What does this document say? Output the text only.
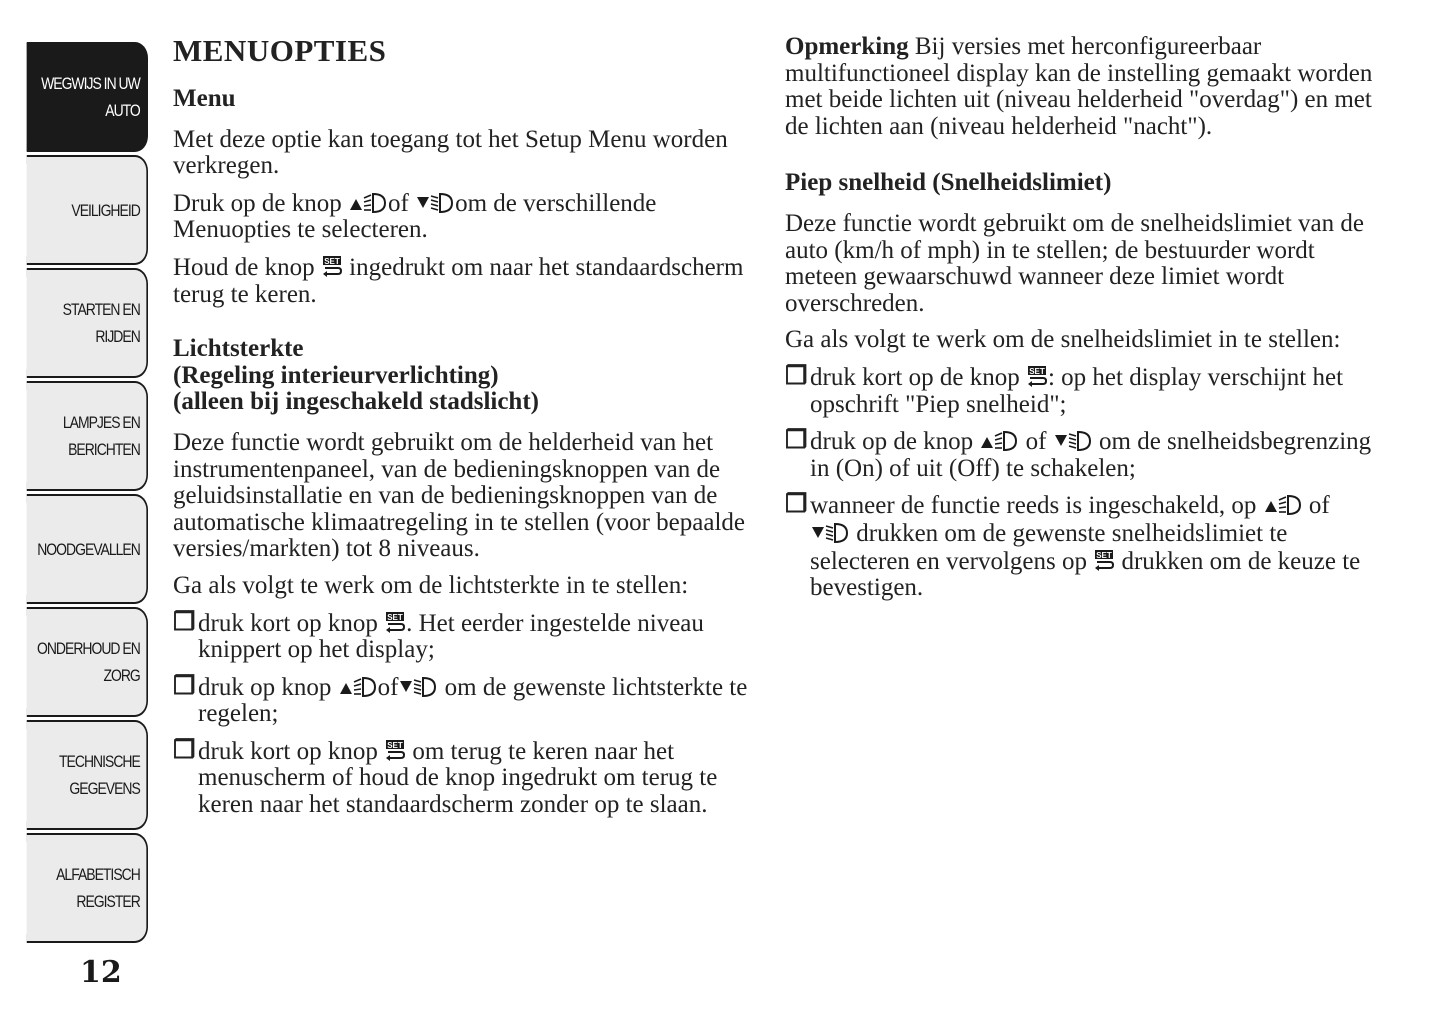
WEGWIJS IN UW
AUTO
VEILIGHEID
STARTEN EN
RIJDEN
LAMPJES EN
BERICHTEN
NOODGEVALLEN
ONDERHOUD EN
ZORG
TECHNISCHE
GEGEVENS
ALFABETISCH
REGISTER
12
MENUOPTIES
Menu

Met deze optie kan toegang tot het Setup Menu worden verkregen.

Druk op de knop of om de verschillende Menuopties te selecteren.

Houd de knop ingedrukt om naar het standaardscherm terug te keren.

Lichtsterkte
(Regeling interieurverlichting)
(alleen bij ingeschakeld stadslicht)

Deze functie wordt gebruikt om de helderheid van het instrumentenpaneel, van de bedieningsknoppen van de geluidsinstallatie en van de bedieningsknoppen van de automatische klimaatregeling in te stellen (voor bepaalde versies/markten) tot 8 niveaus.

Ga als volgt te werk om de lichtsterkte in te stellen:

❒ druk kort op knop . Het eerder ingestelde niveau knippert op het display;
❒ druk op knop of om de gewenste lichtsterkte te regelen;
❒ druk kort op knop om terug te keren naar het menuscherm of houd de knop ingedrukt om terug te keren naar het standaardscherm zonder op te slaan.

Opmerking Bij versies met herconfigureerbaar multifunctioneel display kan de instelling gemaakt worden met beide lichten uit (niveau helderheid "overdag") en met de lichten aan (niveau helderheid "nacht").

Piep snelheid (Snelheidslimiet)

Deze functie wordt gebruikt om de snelheidslimiet van de auto (km/h of mph) in te stellen; de bestuurder wordt meteen gewaarschuwd wanneer deze limiet wordt overschreden.

Ga als volgt te werk om de snelheidslimiet in te stellen:

❒ druk kort op de knop : op het display verschijnt het opschrift "Piep snelheid";
❒ druk op de knop of om de snelheidsbegrenzing in (On) of uit (Off) te schakelen;
❒ wanneer de functie reeds is ingeschakeld, op of
drukken om de gewenste snelheidslimiet te selecteren en vervolgens op drukken om de keuze te bevestigen.
